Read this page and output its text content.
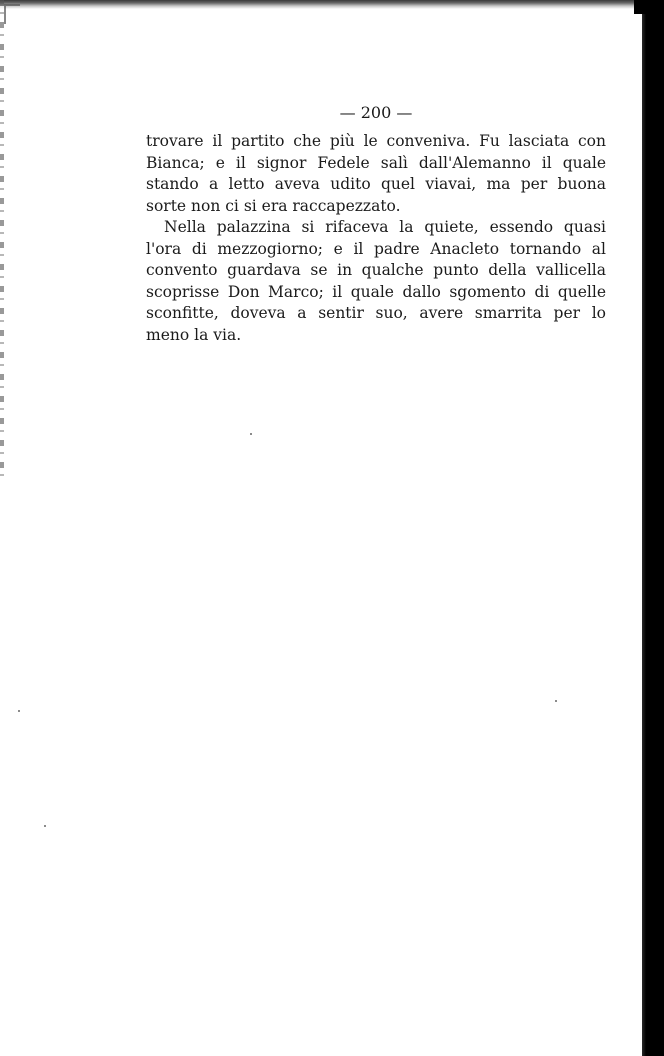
— 200 —
trovare il partito che più le conveniva. Fu lasciata con
Bianca; e il signor Fedele salì dall'Alemanno il quale
stando a letto aveva udito quel viavai, ma per buona
sorte non ci si era raccapezzato.
Nella palazzina si rifaceva la quiete, essendo quasi
l'ora di mezzogiorno; e il padre Anacleto tornando al
convento guardava se in qualche punto della vallicella
scoprisse Don Marco; il quale dallo sgomento di quelle
sconfitte, doveva a sentir suo, avere smarrita per lo
meno la via.
